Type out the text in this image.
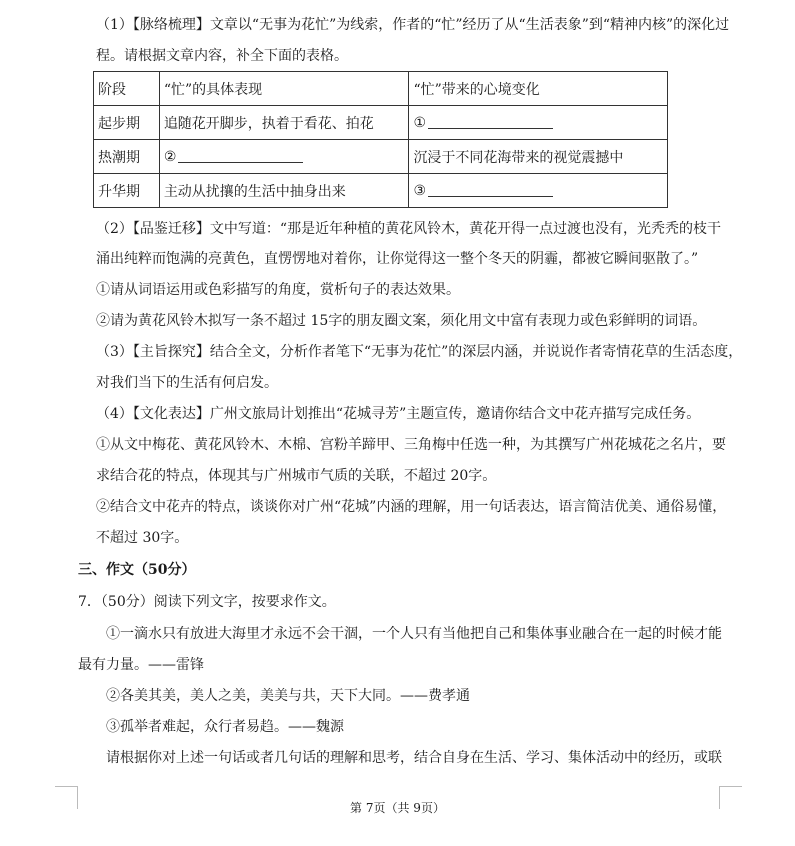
（1）【脉络梳理】文章以“无事为花忙”为线索，作者的“忙”经历了从“生活表象”到“精神内核”的深化过
程。请根据文章内容，补全下面的表格。
阶段	“忙”的具体表现	“忙”带来的心境变化
起步期	追随花开脚步，执着于看花、拍花	①
热潮期	②	沉浸于不同花海带来的视觉震撼中
升华期	主动从扰攘的生活中抽身出来	③
（2）【品鉴迁移】文中写道：“那是近年种植的黄花风铃木，黄花开得一点过渡也没有，光秃秃的枝干
涌出纯粹而饱满的亮黄色，直愣愣地对着你，让你觉得这一整个冬天的阴霾，都被它瞬间驱散了。”
①请从词语运用或色彩描写的角度，赏析句子的表达效果。
②请为黄花风铃木拟写一条不超过 15字的朋友圈文案，须化用文中富有表现力或色彩鲜明的词语。
（3）【主旨探究】结合全文，分析作者笔下“无事为花忙”的深层内涵，并说说作者寄情花草的生活态度，
对我们当下的生活有何启发。
（4）【文化表达】广州文旅局计划推出“花城寻芳”主题宣传，邀请你结合文中花卉描写完成任务。
①从文中梅花、黄花风铃木、木棉、宫粉羊蹄甲、三角梅中任选一种，为其撰写广州花城花之名片，要
求结合花的特点，体现其与广州城市气质的关联，不超过 20字。
②结合文中花卉的特点，谈谈你对广州“花城”内涵的理解，用一句话表达，语言简洁优美、通俗易懂，
不超过 30字。
三、作文（50分）
7．（50分）阅读下列文字，按要求作文。
①一滴水只有放进大海里才永远不会干涸，一个人只有当他把自己和集体事业融合在一起的时候才能
最有力量。——雷锋
②各美其美，美人之美，美美与共，天下大同。——费孝通
③孤举者难起，众行者易趋。——魏源
请根据你对上述一句话或者几句话的理解和思考，结合自身在生活、学习、集体活动中的经历，或联
第 7页（共 9页）
